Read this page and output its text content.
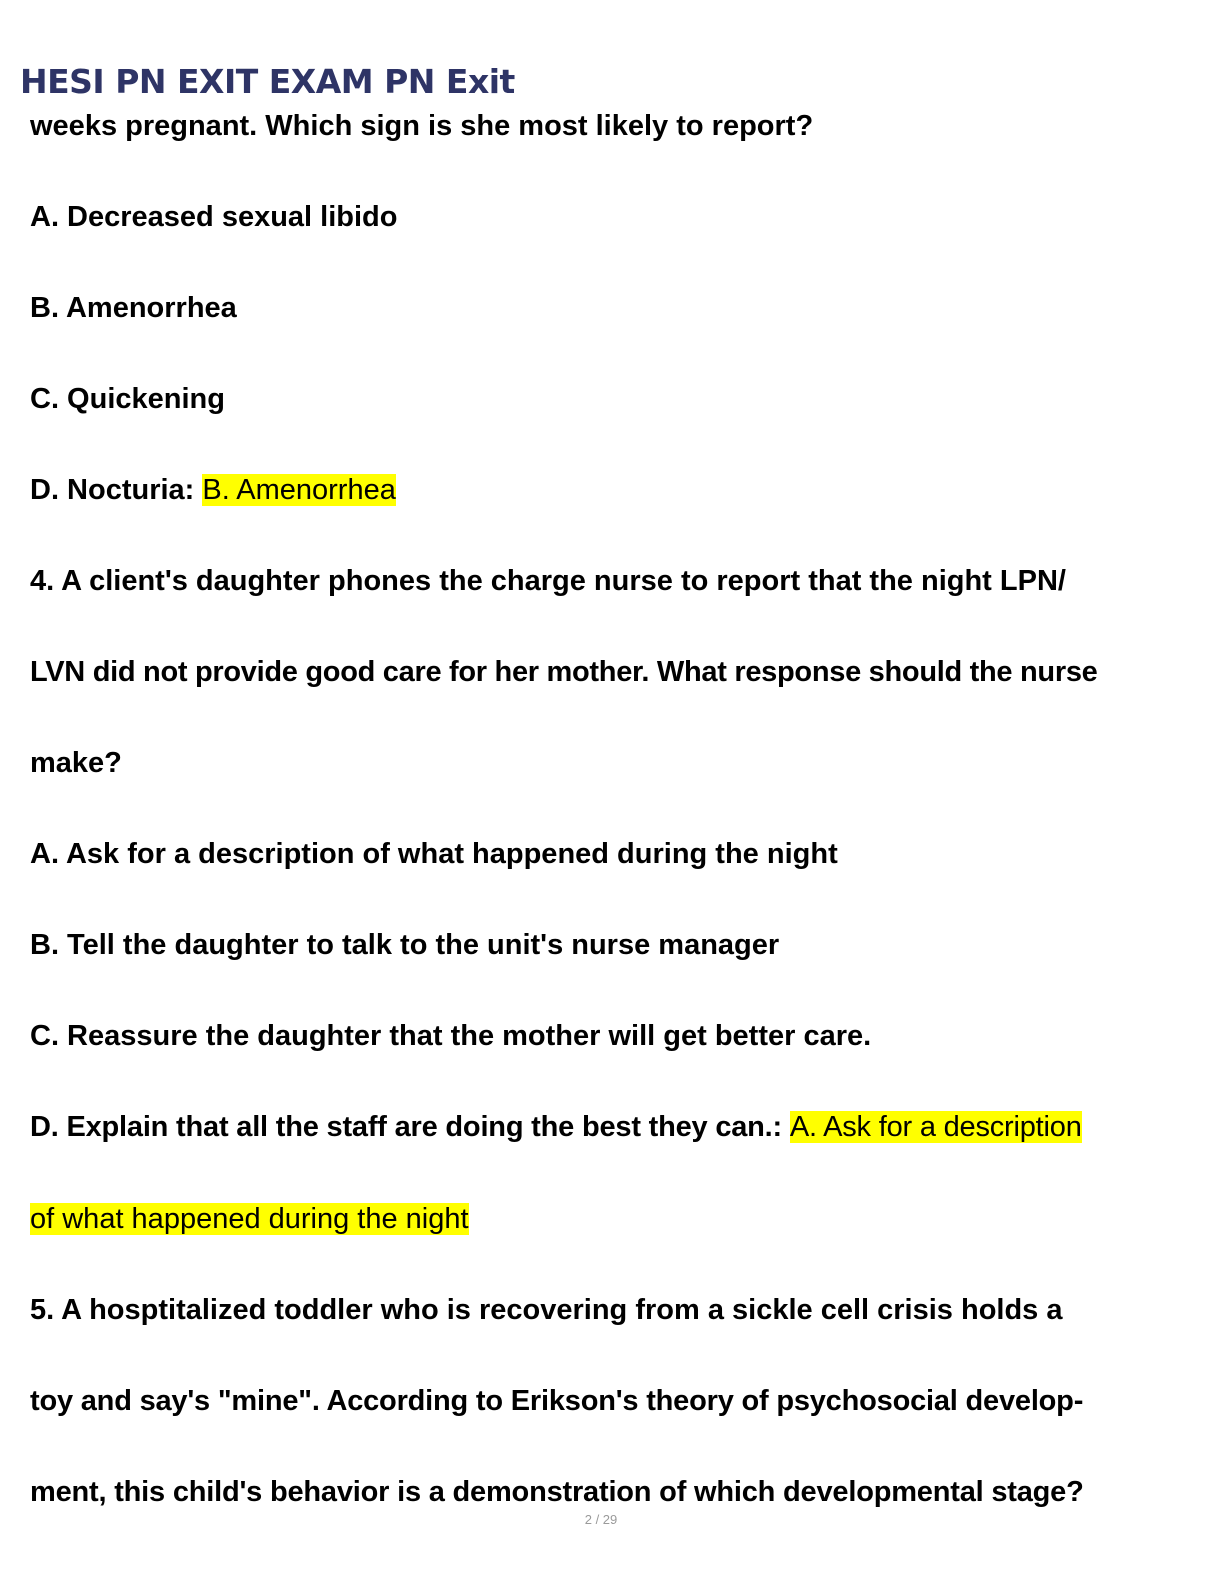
HESI PN EXIT EXAM PN Exit
weeks pregnant. Which sign is she most likely to report?
A. Decreased sexual libido
B. Amenorrhea
C. Quickening
D. Nocturia: B. Amenorrhea
4. A client's daughter phones the charge nurse to report that the night LPN/
LVN did not provide good care for her mother. What response should the nurse
make?
A. Ask for a description of what happened during the night
B. Tell the daughter to talk to the unit's nurse manager
C. Reassure the daughter that the mother will get better care.
D. Explain that all the staff are doing the best they can.: A. Ask for a description
of what happened during the night
5. A hosptitalized toddler who is recovering from a sickle cell crisis holds a
toy and say's "mine". According to Erikson's theory of psychosocial develop-
ment, this child's behavior is a demonstration of which developmental stage?
2 / 29
